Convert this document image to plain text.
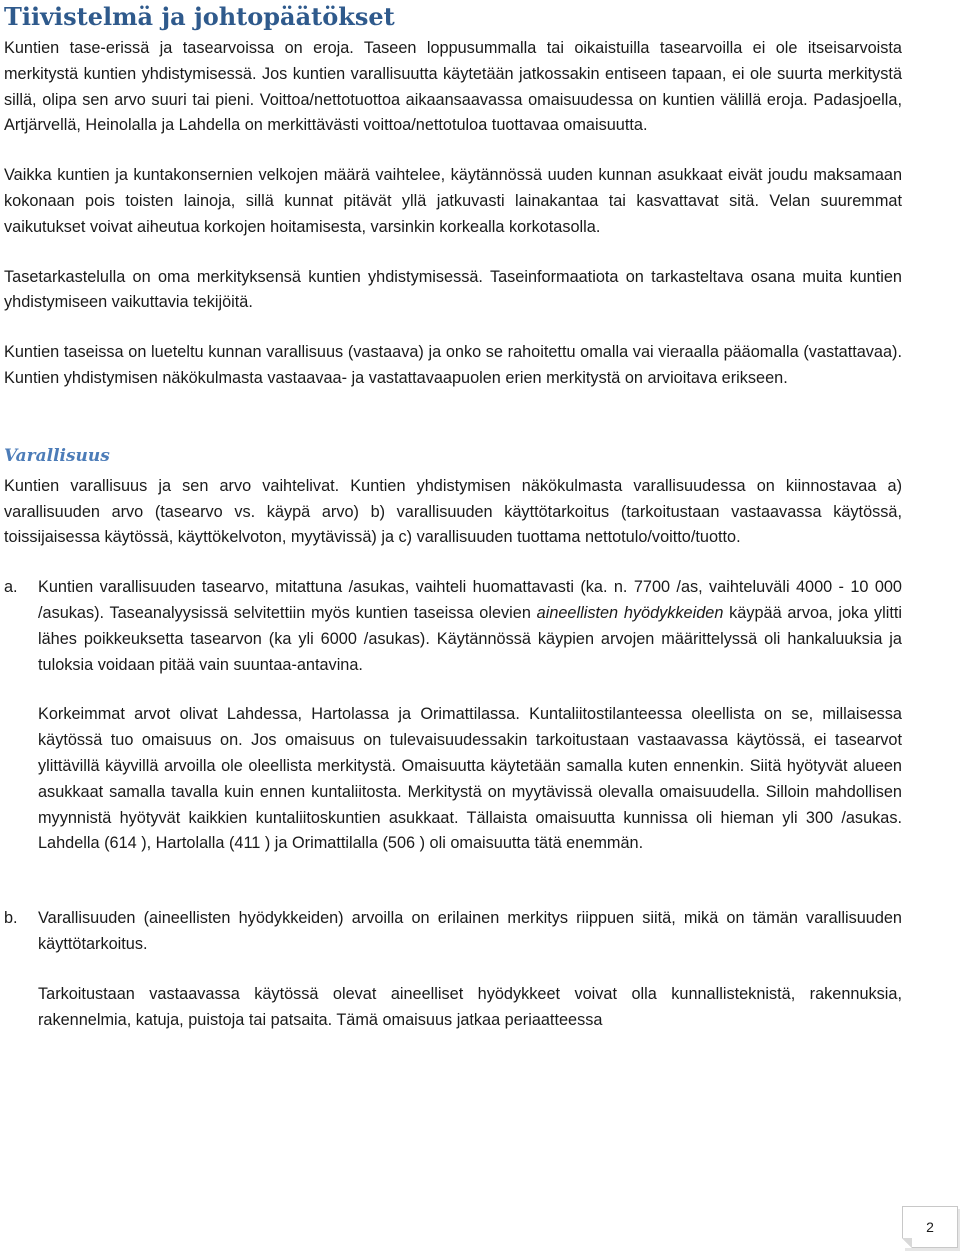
Tiivistelmä ja johtopäätökset

Kuntien tase-erissä ja tasearvoissa on eroja. Taseen loppusummalla tai oikaistuilla tasearvoilla ei ole itseisarvoista merkitystä kuntien yhdistymisessä. Jos kuntien varallisuutta käytetään jatkossakin entiseen tapaan, ei ole suurta merkitystä sillä, olipa sen arvo suuri tai pieni. Voittoa/nettotuottoa aikaansaavassa omaisuudessa on kuntien välillä eroja. Padasjoella, Artjärvellä, Heinolalla ja Lahdella on merkittävästi voittoa/nettotuloa tuottavaa omaisuutta.

Vaikka kuntien ja kuntakonsernien velkojen määrä vaihtelee, käytännössä uuden kunnan asukkaat eivät joudu maksamaan kokonaan pois toisten lainoja, sillä kunnat pitävät yllä jatkuvasti lainakantaa tai kasvattavat sitä. Velan suuremmat vaikutukset voivat aiheutua korkojen hoitamisesta, varsinkin korkealla korkotasolla.

Tasetarkastelulla on oma merkityksensä kuntien yhdistymisessä. Taseinformaatiota on tarkasteltava osana muita kuntien yhdistymiseen vaikuttavia tekijöitä.

Kuntien taseissa on lueteltu kunnan varallisuus (vastaava) ja onko se rahoitettu omalla vai vieraalla pääomalla (vastattavaa). Kuntien yhdistymisen näkökulmasta vastaavaa- ja vastattavaapuolen erien merkitystä on arvioitava erikseen.

Varallisuus

Kuntien varallisuus ja sen arvo vaihtelivat. Kuntien yhdistymisen näkökulmasta varallisuudessa on kiinnostavaa a) varallisuuden arvo (tasearvo vs. käypä arvo) b) varallisuuden käyttötarkoitus (tarkoitustaan vastaavassa käytössä, toissijaisessa käytössä, käyttökelvoton, myytävissä) ja c) varallisuuden tuottama nettotulo/voitto/tuotto.

a. Kuntien varallisuuden tasearvo, mitattuna /asukas, vaihteli huomattavasti (ka. n. 7700 /as, vaihteluväli 4000 - 10 000 /asukas). Taseanalyysissä selvitettiin myös kuntien taseissa olevien aineellisten hyödykkeiden käypää arvoa, joka ylitti lähes poikkeuksetta tasearvon (ka yli 6000 /asukas). Käytännössä käypien arvojen määrittelyssä oli hankaluuksia ja tuloksia voidaan pitää vain suuntaa-antavina.

Korkeimmat arvot olivat Lahdessa, Hartolassa ja Orimattilassa. Kuntaliitostilanteessa oleellista on se, millaisessa käytössä tuo omaisuus on. Jos omaisuus on tulevaisuudessakin tarkoitustaan vastaavassa käytössä, ei tasearvot ylittävillä käyvillä arvoilla ole oleellista merkitystä. Omaisuutta käytetään samalla kuten ennenkin. Siitä hyötyvät alueen asukkaat samalla tavalla kuin ennen kuntaliitosta. Merkitystä on myytävissä olevalla omaisuudella. Silloin mahdollisen myynnistä hyötyvät kaikkien kuntaliitoskuntien asukkaat. Tällaista omaisuutta kunnissa oli hieman yli 300 /asukas. Lahdella (614 ), Hartolalla (411 ) ja Orimattilalla (506 ) oli omaisuutta tätä enemmän.

b. Varallisuuden (aineellisten hyödykkeiden) arvoilla on erilainen merkitys riippuen siitä, mikä on tämän varallisuuden käyttötarkoitus.

Tarkoitustaan vastaavassa käytössä olevat aineelliset hyödykkeet voivat olla kunnallisteknistä, rakennuksia, rakennelmia, katuja, puistoja tai patsaita. Tämä omaisuus jatkaa periaatteessa

2
